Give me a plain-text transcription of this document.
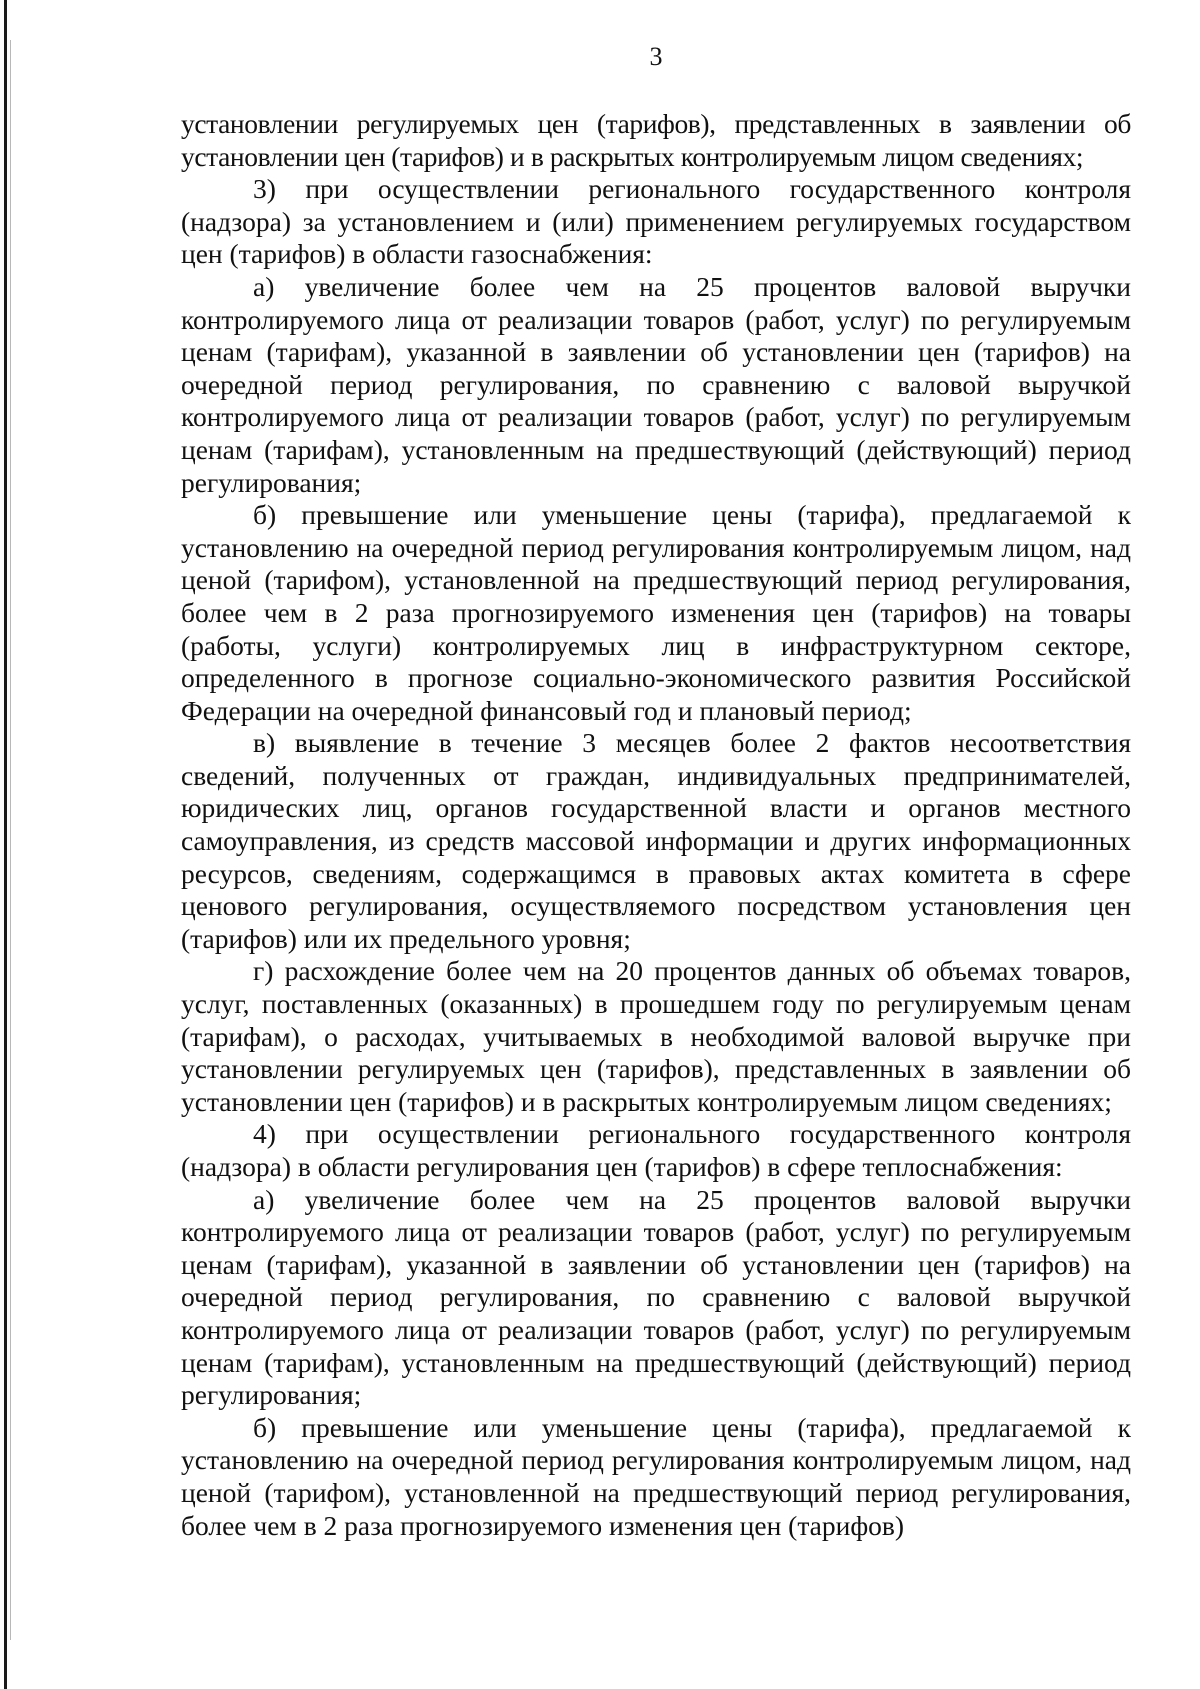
3

установлении регулируемых цен (тарифов), представленных в заявлении об установлении цен (тарифов) и в раскрытых контролируемым лицом сведениях;

3) при осуществлении регионального государственного контроля (надзора) за установлением и (или) применением регулируемых государством цен (тарифов) в области газоснабжения:

а) увеличение более чем на 25 процентов валовой выручки контролируемого лица от реализации товаров (работ, услуг) по регулируемым ценам (тарифам), указанной в заявлении об установлении цен (тарифов) на очередной период регулирования, по сравнению с валовой выручкой контролируемого лица от реализации товаров (работ, услуг) по регулируемым ценам (тарифам), установленным на предшествующий (действующий) период регулирования;

б) превышение или уменьшение цены (тарифа), предлагаемой к установлению на очередной период регулирования контролируемым лицом, над ценой (тарифом), установленной на предшествующий период регулирования, более чем в 2 раза прогнозируемого изменения цен (тарифов) на товары (работы, услуги) контролируемых лиц в инфраструктурном секторе, определенного в прогнозе социально-экономического развития Российской Федерации на очередной финансовый год и плановый период;

в) выявление в течение 3 месяцев более 2 фактов несоответствия сведений, полученных от граждан, индивидуальных предпринимателей, юридических лиц, органов государственной власти и органов местного самоуправления, из средств массовой информации и других информационных ресурсов, сведениям, содержащимся в правовых актах комитета в сфере ценового регулирования, осуществляемого посредством установления цен (тарифов) или их предельного уровня;

г) расхождение более чем на 20 процентов данных об объемах товаров, услуг, поставленных (оказанных) в прошедшем году по регулируемым ценам (тарифам), о расходах, учитываемых в необходимой валовой выручке при установлении регулируемых цен (тарифов), представленных в заявлении об установлении цен (тарифов) и в раскрытых контролируемым лицом сведениях;

4) при осуществлении регионального государственного контроля (надзора) в области регулирования цен (тарифов) в сфере теплоснабжения:

а) увеличение более чем на 25 процентов валовой выручки контролируемого лица от реализации товаров (работ, услуг) по регулируемым ценам (тарифам), указанной в заявлении об установлении цен (тарифов) на очередной период регулирования, по сравнению с валовой выручкой контролируемого лица от реализации товаров (работ, услуг) по регулируемым ценам (тарифам), установленным на предшествующий (действующий) период регулирования;

б) превышение или уменьшение цены (тарифа), предлагаемой к установлению на очередной период регулирования контролируемым лицом, над ценой (тарифом), установленной на предшествующий период регулирования, более чем в 2 раза прогнозируемого изменения цен (тарифов)
